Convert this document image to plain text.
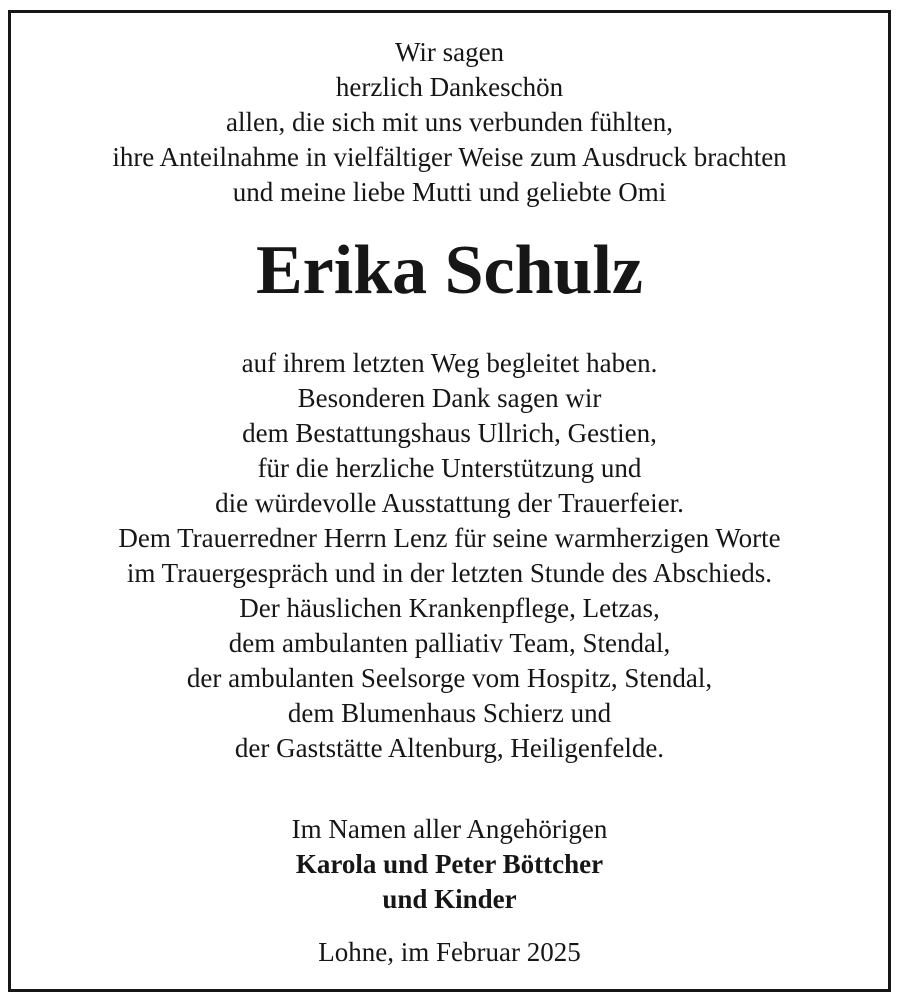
Wir sagen
herzlich Dankeschön
allen, die sich mit uns verbunden fühlten,
ihre Anteilnahme in vielfältiger Weise zum Ausdruck brachten
und meine liebe Mutti und geliebte Omi
Erika Schulz
auf ihrem letzten Weg begleitet haben.
Besonderen Dank sagen wir
dem Bestattungshaus Ullrich, Gestien,
für die herzliche Unterstützung und
die würdevolle Ausstattung der Trauerfeier.
Dem Trauerredner Herrn Lenz für seine warmherzigen Worte
im Trauergespräch und in der letzten Stunde des Abschieds.
Der häuslichen Krankenpflege, Letzas,
dem ambulanten palliativ Team, Stendal,
der ambulanten Seelsorge vom Hospitz, Stendal,
dem Blumenhaus Schierz und
der Gaststätte Altenburg, Heiligenfelde.
Im Namen aller Angehörigen
Karola und Peter Böttcher
und Kinder
Lohne, im Februar 2025
